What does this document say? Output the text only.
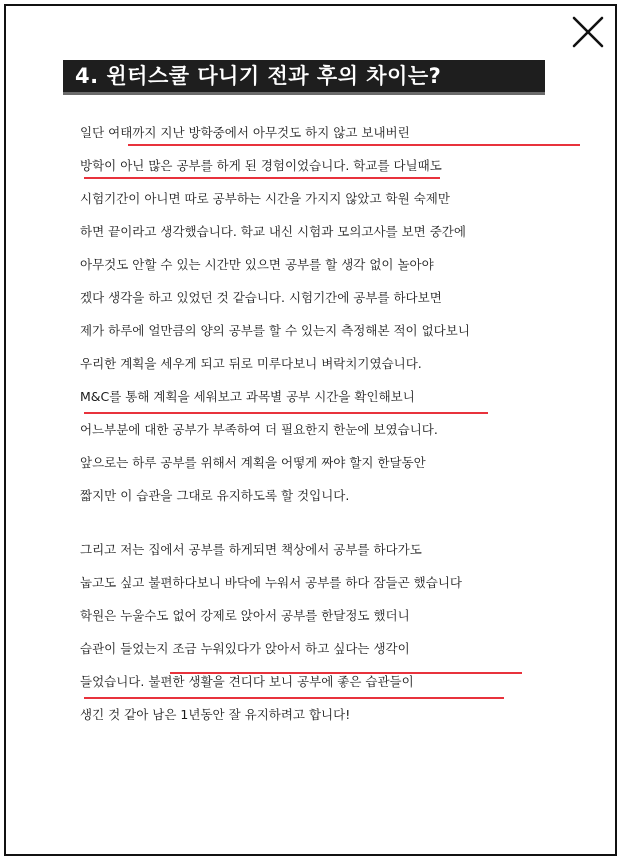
4. 윈터스쿨 다니기 전과 후의 차이는?
일단 여태까지 지난 방학중에서 아무것도 하지 않고 보내버린
방학이 아닌 많은 공부를 하게 된 경험이었습니다. 학교를 다닐때도
시험기간이 아니면 따로 공부하는 시간을 가지지 않았고 학원 숙제만
하면 끝이라고 생각했습니다. 학교 내신 시험과 모의고사를 보면 중간에
아무것도 안할 수 있는 시간만 있으면 공부를 할 생각 없이 놀아야
겠다 생각을 하고 있었던 것 같습니다. 시험기간에 공부를 하다보면
제가 하루에 얼만큼의 양의 공부를 할 수 있는지 측정해본 적이 없다보니
우리한 계획을 세우게 되고 뒤로 미루다보니 벼락치기였습니다.
M&C를 통해 계획을 세워보고 과목별 공부 시간을 확인해보니
어느부분에 대한 공부가 부족하여 더 필요한지 한눈에 보였습니다.
앞으로는 하루 공부를 위해서 계획을 어떻게 짜야 할지 한달동안
짧지만 이 습관을 그대로 유지하도록 할 것입니다.
그리고 저는 집에서 공부를 하게되면 책상에서 공부를 하다가도
눕고도 싶고 불편하다보니 바닥에 누워서 공부를 하다 잠들곤 했습니다
학원은 누울수도 없어 강제로 앉아서 공부를 한달정도 했더니
습관이 들었는지 조금 누워있다가 앉아서 하고 싶다는 생각이
들었습니다. 불편한 생활을 견디다 보니 공부에 좋은 습관들이
생긴 것 같아 남은 1년동안 잘 유지하려고 합니다!
